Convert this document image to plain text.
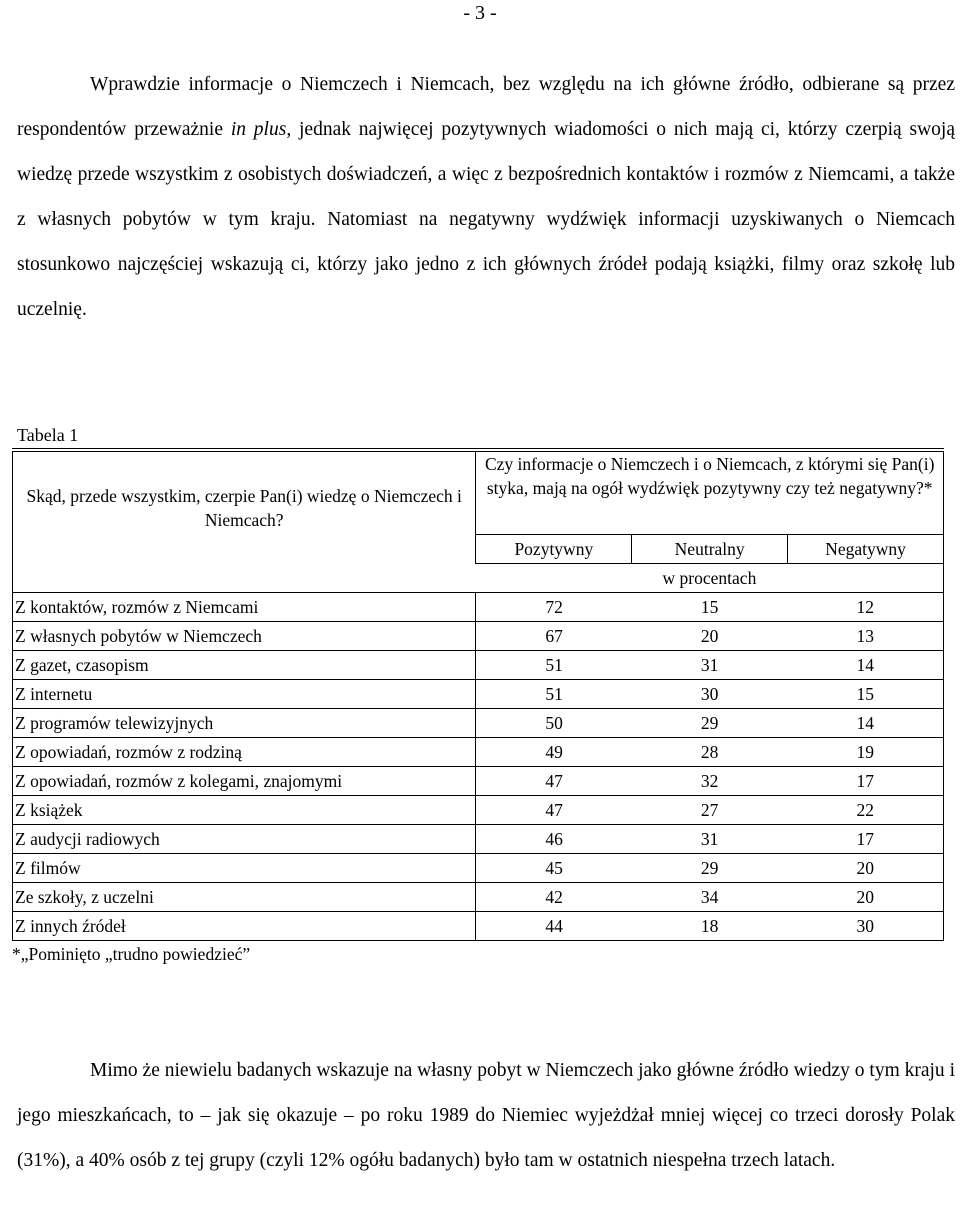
- 3 -

Wprawdzie informacje o Niemczech i Niemcach, bez względu na ich główne źródło, odbierane są przez respondentów przeważnie in plus, jednak najwięcej pozytywnych wiadomości o nich mają ci, którzy czerpią swoją wiedzę przede wszystkim z osobistych doświadczeń, a więc z bezpośrednich kontaktów i rozmów z Niemcami, a także z własnych pobytów w tym kraju. Natomiast na negatywny wydźwięk informacji uzyskiwanych o Niemcach stosunkowo najczęściej wskazują ci, którzy jako jedno z ich głównych źródeł podają książki, filmy oraz szkołę lub uczelnię.

Tabela 1
Skąd, przede wszystkim, czerpie Pan(i) wiedzę o Niemczech i Niemcach?	Czy informacje o Niemczech i o Niemcach, z którymi się Pan(i) styka, mają na ogół wydźwięk pozytywny czy też negatywny?*		
	Pozytywny	Neutralny	Negatywny
	w procentach		
Z kontaktów, rozmów z Niemcami	72	15	12
Z własnych pobytów w Niemczech	67	20	13
Z gazet, czasopism	51	31	14
Z internetu	51	30	15
Z programów telewizyjnych	50	29	14
Z opowiadań, rozmów z rodziną	49	28	19
Z opowiadań, rozmów z kolegami, znajomymi	47	32	17
Z książek	47	27	22
Z audycji radiowych	46	31	17
Z filmów	45	29	20
Ze szkoły, z uczelni	42	34	20
Z innych źródeł	44	18	30
*„Pominięto „trudno powiedzieć”

Mimo że niewielu badanych wskazuje na własny pobyt w Niemczech jako główne źródło wiedzy o tym kraju i jego mieszkańcach, to – jak się okazuje – po roku 1989 do Niemiec wyjeżdżał mniej więcej co trzeci dorosły Polak (31%), a 40% osób z tej grupy (czyli 12% ogółu badanych) było tam w ostatnich niespełna trzech latach.
